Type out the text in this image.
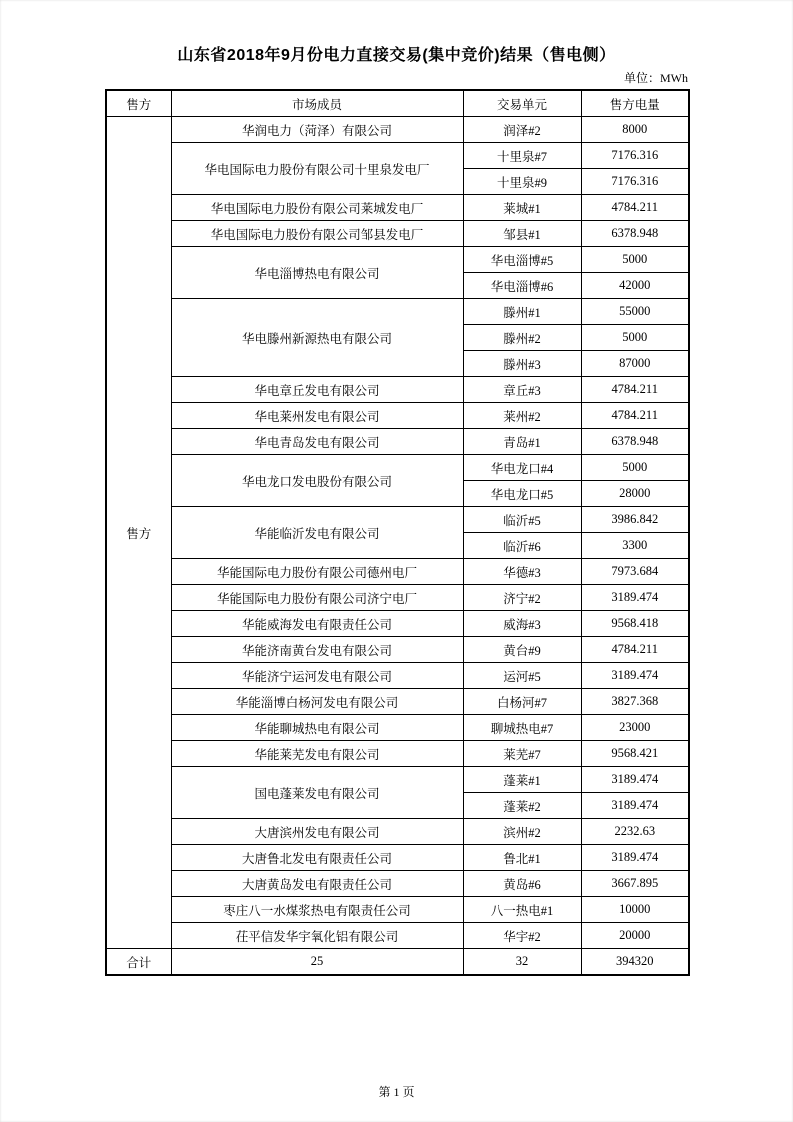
山东省2018年9月份电力直接交易(集中竞价)结果（售电侧）
单位：MWh
售方	市场成员	交易单元	售方电量
售方	华润电力（菏泽）有限公司	润泽#2	8000
	华电国际电力股份有限公司十里泉发电厂	十里泉#7	7176.316
		十里泉#9	7176.316
	华电国际电力股份有限公司莱城发电厂	莱城#1	4784.211
	华电国际电力股份有限公司邹县发电厂	邹县#1	6378.948
	华电淄博热电有限公司	华电淄博#5	5000
		华电淄博#6	42000
	华电滕州新源热电有限公司	滕州#1	55000
		滕州#2	5000
		滕州#3	87000
	华电章丘发电有限公司	章丘#3	4784.211
	华电莱州发电有限公司	莱州#2	4784.211
	华电青岛发电有限公司	青岛#1	6378.948
	华电龙口发电股份有限公司	华电龙口#4	5000
		华电龙口#5	28000
	华能临沂发电有限公司	临沂#5	3986.842
		临沂#6	3300
	华能国际电力股份有限公司德州电厂	华德#3	7973.684
	华能国际电力股份有限公司济宁电厂	济宁#2	3189.474
	华能威海发电有限责任公司	威海#3	9568.418
	华能济南黄台发电有限公司	黄台#9	4784.211
	华能济宁运河发电有限公司	运河#5	3189.474
	华能淄博白杨河发电有限公司	白杨河#7	3827.368
	华能聊城热电有限公司	聊城热电#7	23000
	华能莱芜发电有限公司	莱芜#7	9568.421
	国电蓬莱发电有限公司	蓬莱#1	3189.474
		蓬莱#2	3189.474
	大唐滨州发电有限公司	滨州#2	2232.63
	大唐鲁北发电有限责任公司	鲁北#1	3189.474
	大唐黄岛发电有限责任公司	黄岛#6	3667.895
	枣庄八一水煤浆热电有限责任公司	八一热电#1	10000
	茌平信发华宇氧化铝有限公司	华宇#2	20000
合计	25	32	394320
第 1 页
